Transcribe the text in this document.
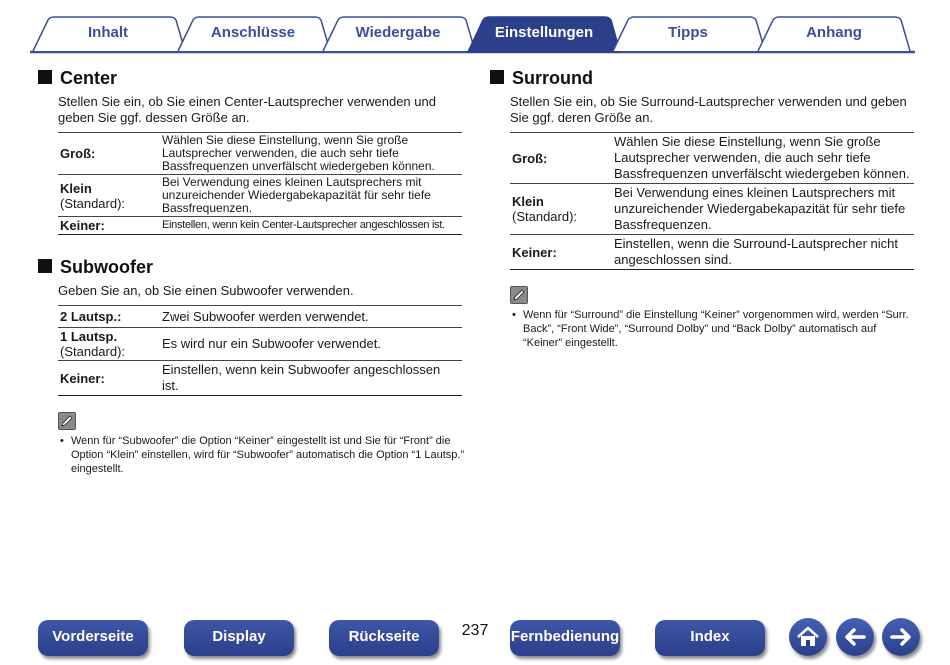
Inhalt	Anschlüsse	Wiedergabe	Einstellungen	Tipps	Anhang
Center
Stellen Sie ein, ob Sie einen Center-Lautsprecher verwenden und geben Sie ggf. dessen Größe an.
Groß:	Wählen Sie diese Einstellung, wenn Sie große Lautsprecher verwenden, die auch sehr tiefe Bassfrequenzen unverfälscht wiedergeben können.
Klein
(Standard):	Bei Verwendung eines kleinen Lautsprechers mit unzureichender Wiedergabekapazität für sehr tiefe Bassfrequenzen.
Keiner:	Einstellen, wenn kein Center-Lautsprecher angeschlossen ist.
Subwoofer
Geben Sie an, ob Sie einen Subwoofer verwenden.
2 Lautsp.:	Zwei Subwoofer werden verwendet.
1 Lautsp.
(Standard):	Es wird nur ein Subwoofer verwendet.
Keiner:	Einstellen, wenn kein Subwoofer angeschlossen ist.
• Wenn für “Subwoofer” die Option “Keiner” eingestellt ist und Sie für “Front” die Option “Klein” einstellen, wird für “Subwoofer” automatisch die Option “1 Lautsp.” eingestellt.
Surround
Stellen Sie ein, ob Sie Surround-Lautsprecher verwenden und geben Sie ggf. deren Größe an.
Groß:	Wählen Sie diese Einstellung, wenn Sie große Lautsprecher verwenden, die auch sehr tiefe Bassfrequenzen unverfälscht wiedergeben können.
Klein
(Standard):	Bei Verwendung eines kleinen Lautsprechers mit unzureichender Wiedergabekapazität für sehr tiefe Bassfrequenzen.
Keiner:	Einstellen, wenn die Surround-Lautsprecher nicht angeschlossen sind.
• Wenn für “Surround” die Einstellung “Keiner” vorgenommen wird, werden “Surr. Back”, “Front Wide”, “Surround Dolby” und “Back Dolby” automatisch auf “Keiner” eingestellt.
Vorderseite	Display	Rückseite	237	Fernbedienung	Index
